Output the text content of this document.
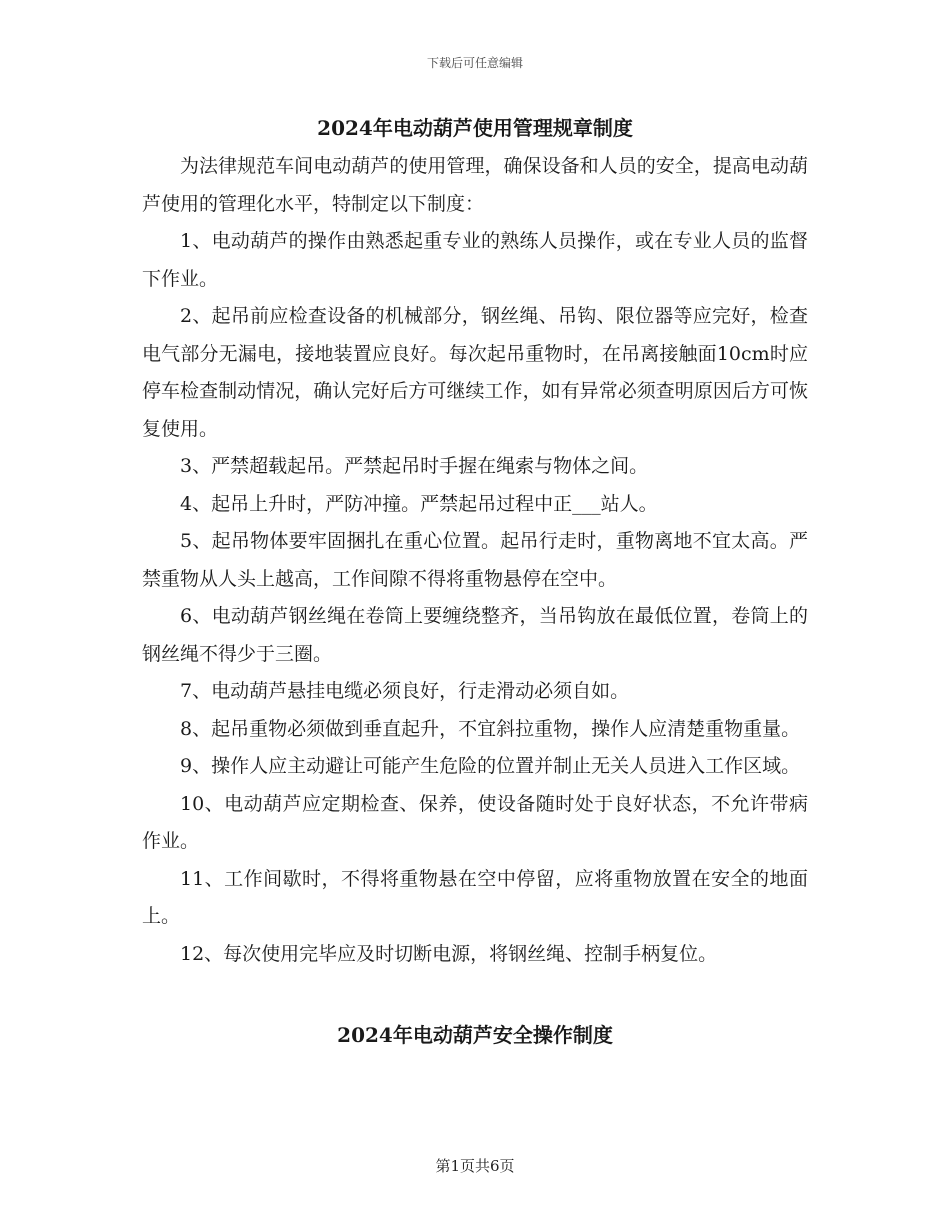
下载后可任意编辑
2024年电动葫芦使用管理规章制度

为法律规范车间电动葫芦的使用管理，确保设备和人员的安全，提高电动葫芦使用的管理化水平，特制定以下制度：

1、电动葫芦的操作由熟悉起重专业的熟练人员操作，或在专业人员的监督下作业。

2、起吊前应检查设备的机械部分，钢丝绳、吊钩、限位器等应完好，检查电气部分无漏电，接地装置应良好。每次起吊重物时，在吊离接触面10cm时应停车检查制动情况，确认完好后方可继续工作，如有异常必须查明原因后方可恢复使用。

3、严禁超载起吊。严禁起吊时手握在绳索与物体之间。

4、起吊上升时，严防冲撞。严禁起吊过程中正___站人。

5、起吊物体要牢固捆扎在重心位置。起吊行走时，重物离地不宜太高。严禁重物从人头上越高，工作间隙不得将重物悬停在空中。

6、电动葫芦钢丝绳在卷筒上要缠绕整齐，当吊钩放在最低位置，卷筒上的钢丝绳不得少于三圈。

7、电动葫芦悬挂电缆必须良好，行走滑动必须自如。

8、起吊重物必须做到垂直起升，不宜斜拉重物，操作人应清楚重物重量。

9、操作人应主动避让可能产生危险的位置并制止无关人员进入工作区域。

10、电动葫芦应定期检查、保养，使设备随时处于良好状态，不允许带病作业。

11、工作间歇时，不得将重物悬在空中停留，应将重物放置在安全的地面上。

12、每次使用完毕应及时切断电源，将钢丝绳、控制手柄复位。

2024年电动葫芦安全操作制度
第1页共6页
